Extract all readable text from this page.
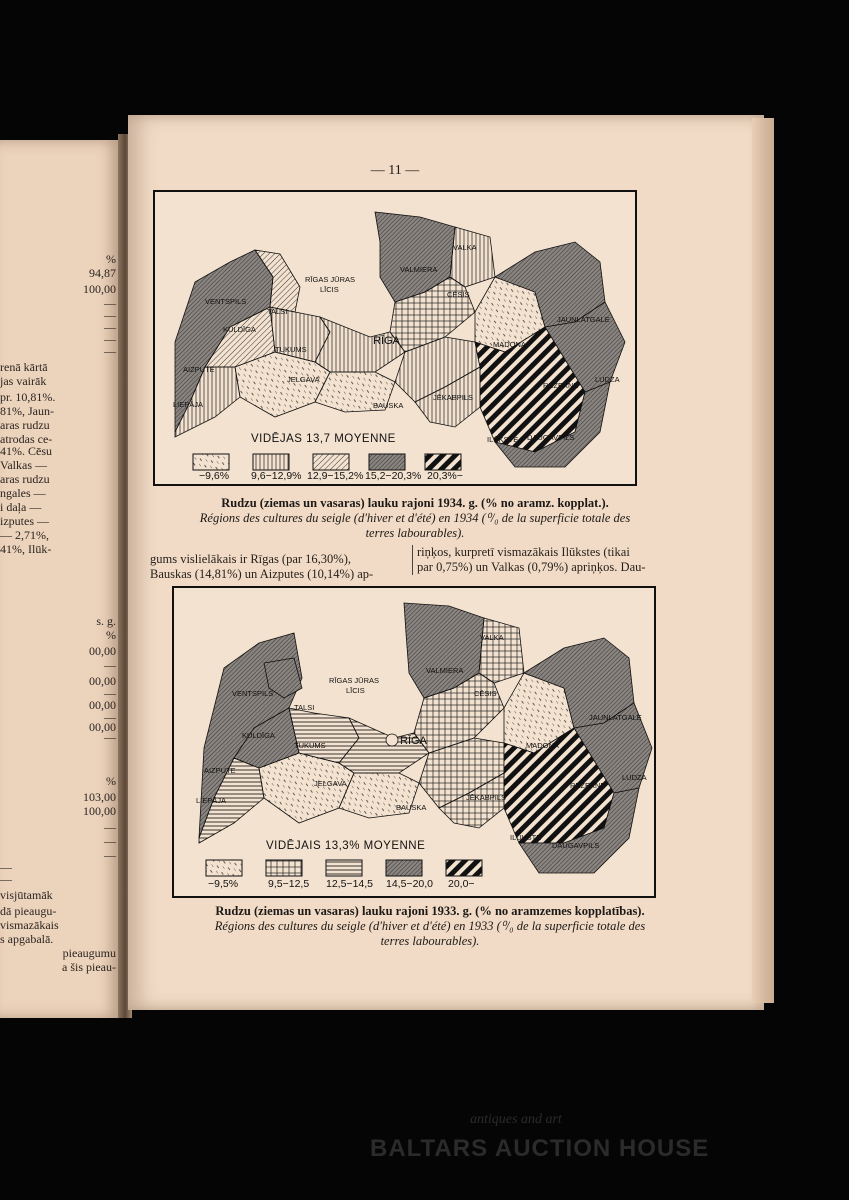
%
94,87
100,00
—
—
—
—
—
renā kārtā
jas vairāk
pr. 10,81%.
81%, Jaun-
aras rudzu
atrodas ce-
41%. Cēsu
Valkas —
aras rudzu
ngales —
i daļa —
izputes —
— 2,71%,
41%, Ilūk-
s. g.
%
00,00
—
00,00
—
00,00
—
00,00
—
%
103,00
100,00
—
—
—
—
—
visjūtamāk
dā pieaugu-
vismazākais
s apgabalā.
pieaugumu
a šis pieau-
— 11 —
RĪGAS JŪRAS
LĪCIS
VALKA
VALMIERA
CĒSIS
VENTSPILS
TALSI
TUKUMS
RĪGA
KULDĪGA
AIZPUTE
LIEPĀJA
JELGAVA
BAUSKA
JĒKABPILS
MADONA
JAUNLATGALE
REZEKNE
LUDZA
ILŪKSTE DAUGAVPILS
VIDĒJAS 13,7 MOYENNE
−9,6% 9,6−12,9% 12,9−15,2% 15,2−20,3% 20,3%−
Rudzu (ziemas un vasaras) lauku rajoni 1934. g. (% no aramz. kopplat.).
Régions des cultures du seigle (d'hiver et d'été) en 1934 (⁰/₀ de la superficie totale des
terres labourables).
gums vislielākais ir Rīgas (par 16,30%),
Bauskas (14,81%) un Aizputes (10,14%) ap-
riņķos, kurpretī vismazākais Ilūkstes (tikai
par 0,75%) un Valkas (0,79%) apriņķos. Dau-
RĪGAS JŪRAS
LĪCIS
VALKA
VALMIERA
CĒSIS
VENTSPILS
TALSI
TUKUMS	RĪGA
KULDĪGA
AIZPUTE
LIEPĀJA
JELGAVA
BAUSKA
JĒKABPILS
MADONA
JAUNLATGALE
REZEKNE
LUDZA
ILŪKSTE
DAUGAVPILS
VIDĒJAIS 13,3% MOYENNE
−9,5%	9,5−12,5 12,5−14,5 14,5−20,0 20,0−
Rudzu (ziemas un vasaras) lauku rajoni 1933. g. (% no aramzemes kopplatības).
Régions des cultures du seigle (d'hiver et d'été) en 1933 (⁰/₀ de la superficie totale des
terres labourables).
antiques and art
BALTARS AUCTION HOUSE
